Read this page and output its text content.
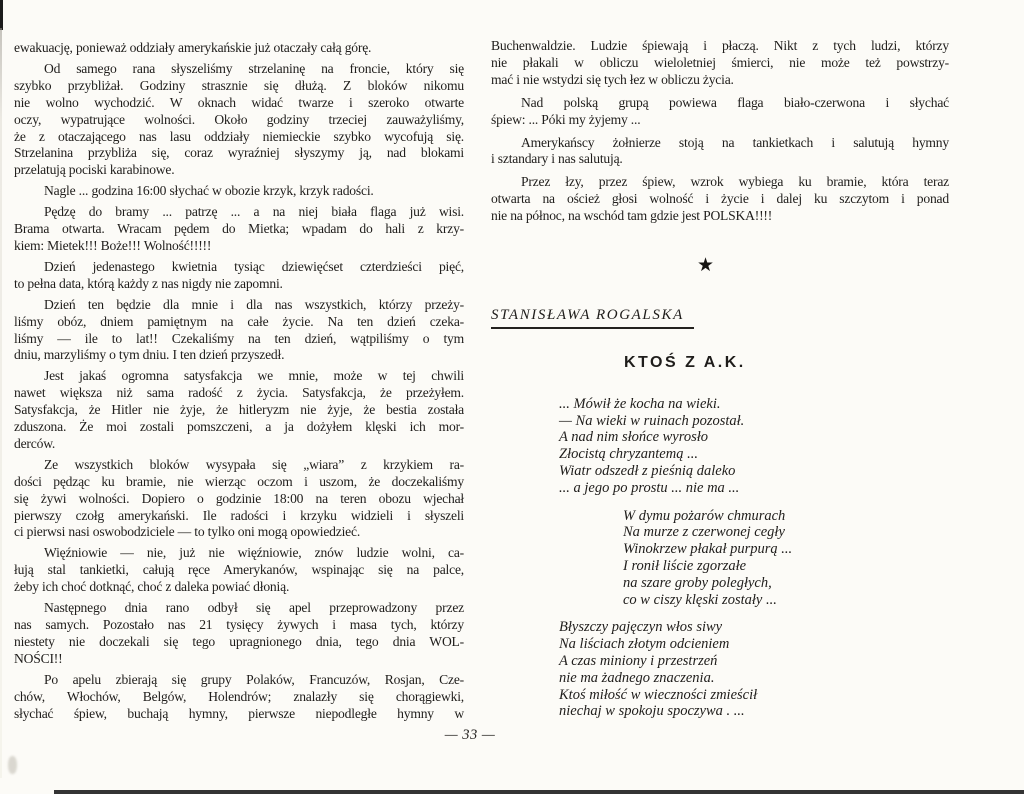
ewakuację, ponieważ oddziały amerykańskie już otaczały całą górę.
Od samego rana słyszeliśmy strzelaninę na froncie, który się
szybko przybliżał. Godziny strasznie się dłużą. Z bloków nikomu
nie wolno wychodzić. W oknach widać twarze i szeroko otwarte
oczy, wypatrujące wolności. Około godziny trzeciej zauważyliśmy,
że z otaczającego nas lasu oddziały niemieckie szybko wycofują się.
Strzelanina przybliża się, coraz wyraźniej słyszymy ją, nad blokami
przelatują pociski karabinowe.
Nagle ... godzina 16:00 słychać w obozie krzyk, krzyk radości.
Pędzę do bramy ... patrzę ... a na niej biała flaga już wisi.
Brama otwarta. Wracam pędem do Mietka; wpadam do hali z krzy-
kiem: Mietek!!! Boże!!! Wolność!!!!!
Dzień jedenastego kwietnia tysiąc dziewięćset czterdzieści pięć,
to pełna data, którą każdy z nas nigdy nie zapomni.
Dzień ten będzie dla mnie i dla nas wszystkich, którzy przeży-
liśmy obóz, dniem pamiętnym na całe życie. Na ten dzień czeka-
liśmy — ile to lat!! Czekaliśmy na ten dzień, wątpiliśmy o tym
dniu, marzyliśmy o tym dniu. I ten dzień przyszedł.
Jest jakaś ogromna satysfakcja we mnie, może w tej chwili
nawet większa niż sama radość z życia. Satysfakcja, że przeżyłem.
Satysfakcja, że Hitler nie żyje, że hitleryzm nie żyje, że bestia została
zduszona. Że moi zostali pomszczeni, a ja dożyłem klęski ich mor-
derców.
Ze wszystkich bloków wysypała się „wiara” z krzykiem ra-
dości pędząc ku bramie, nie wierząc oczom i uszom, że doczekaliśmy
się żywi wolności. Dopiero o godzinie 18:00 na teren obozu wjechał
pierwszy czołg amerykański. Ile radości i krzyku widzieli i słyszeli
ci pierwsi nasi oswobodziciele — to tylko oni mogą opowiedzieć.
Więźniowie — nie, już nie więźniowie, znów ludzie wolni, ca-
łują stal tankietki, całują ręce Amerykanów, wspinając się na palce,
żeby ich choć dotknąć, choć z daleka powiać dłonią.
Następnego dnia rano odbył się apel przeprowadzony przez
nas samych. Pozostało nas 21 tysięcy żywych i masa tych, którzy
niestety nie doczekali się tego upragnionego dnia, tego dnia WOL-
NOŚCI!!
Po apelu zbierają się grupy Polaków, Francuzów, Rosjan, Cze-
chów, Włochów, Belgów, Holendrów; znalazły się chorągiewki,
słychać śpiew, buchają hymny, pierwsze niepodległe hymny w
Buchenwaldzie. Ludzie śpiewają i płaczą. Nikt z tych ludzi, którzy
nie płakali w obliczu wieloletniej śmierci, nie może też powstrzy-
mać i nie wstydzi się tych łez w obliczu życia.
Nad polską grupą powiewa flaga biało-czerwona i słychać
śpiew: ... Póki my żyjemy ...
Amerykańscy żołnierze stoją na tankietkach i salutują hymny
i sztandary i nas salutują.
Przez łzy, przez śpiew, wzrok wybiega ku bramie, która teraz
otwarta na oścież głosi wolność i życie i dalej ku szczytom i ponad
nie na północ, na wschód tam gdzie jest POLSKA!!!!
★
STANISŁAWA ROGALSKA
KTOŚ Z A.K.
... Mówił że kocha na wieki.
— Na wieki w ruinach pozostał.
A nad nim słońce wyrosło
Złocistą chryzantemą ...
Wiatr odszedł z pieśnią daleko
... a jego po prostu ... nie ma ...
W dymu pożarów chmurach
Na murze z czerwonej cegły
Winokrzew płakał purpurą ...
I ronił liście zgorzałe
na szare groby poległych,
co w ciszy klęski zostały ...
Błyszczy pajęczyn włos siwy
Na liściach złotym odcieniem
A czas miniony i przestrzeń
nie ma żadnego znaczenia.
Ktoś miłość w wieczności zmieścił
niechaj w spokoju spoczywa . ...
— 33 —
